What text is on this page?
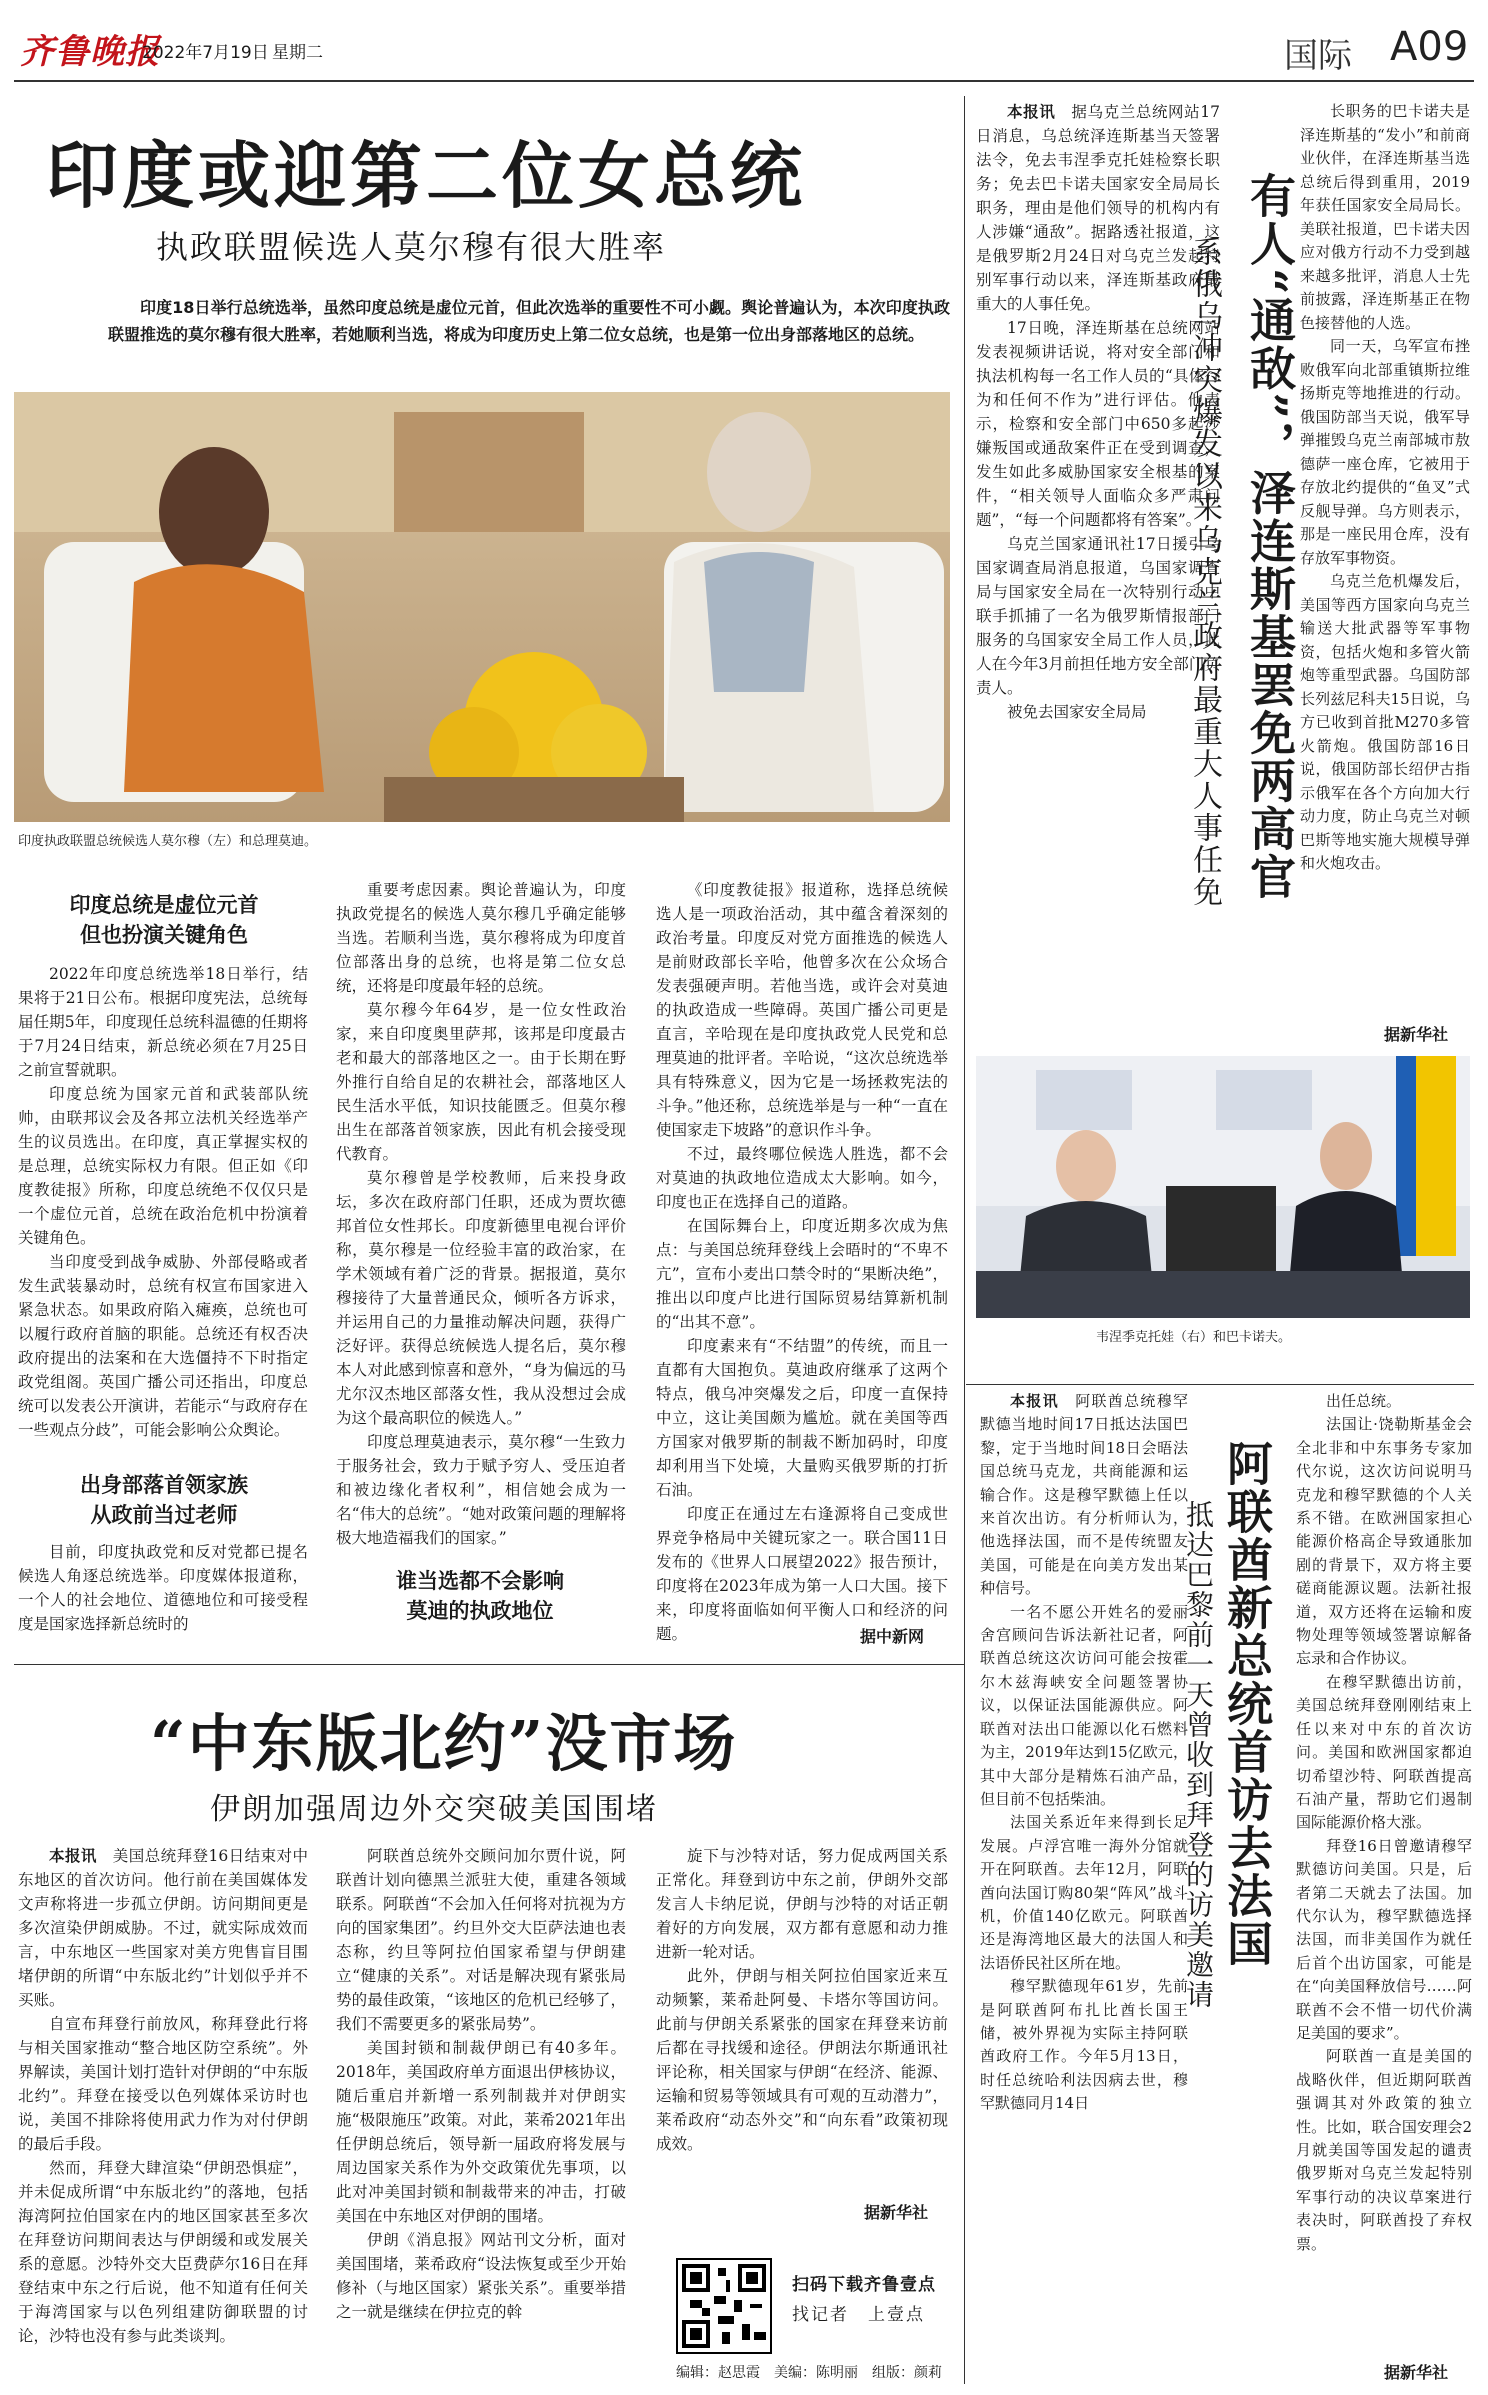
齐鲁晚报
2022年7月19日 星期二	国际 A09
印度或迎第二位女总统
执政联盟候选人莫尔穆有很大胜率
印度18日举行总统选举，虽然印度总统是虚位元首，但此次选举的重要性不可小觑。舆论普遍认为，本次印度执政联盟推选的莫尔穆有很大胜率，若她顺利当选，将成为印度历史上第二位女总统，也是第一位出身部落地区的总统。
印度执政联盟总统候选人莫尔穆（左）和总理莫迪。
印度总统是虚位元首
但也扮演关键角色

2022年印度总统选举18日举行，结果将于21日公布。根据印度宪法，总统每届任期5年，印度现任总统科温德的任期将于7月24日结束，新总统必须在7月25日之前宣誓就职。

印度总统为国家元首和武装部队统帅，由联邦议会及各邦立法机关经选举产生的议员选出。在印度，真正掌握实权的是总理，总统实际权力有限。但正如《印度教徒报》所称，印度总统绝不仅仅只是一个虚位元首，总统在政治危机中扮演着关键角色。

当印度受到战争威胁、外部侵略或者发生武装暴动时，总统有权宣布国家进入紧急状态。如果政府陷入瘫痪，总统也可以履行政府首脑的职能。总统还有权否决政府提出的法案和在大选僵持不下时指定政党组阁。英国广播公司还指出，印度总统可以发表公开演讲，若能示“与政府存在一些观点分歧”，可能会影响公众舆论。

出身部落首领家族
从政前当过老师

目前，印度执政党和反对党都已提名候选人角逐总统选举。印度媒体报道称，一个人的社会地位、道德地位和可接受程度是国家选择新总统时的

重要考虑因素。舆论普遍认为，印度执政党提名的候选人莫尔穆几乎确定能够当选。若顺利当选，莫尔穆将成为印度首位部落出身的总统，也将是第二位女总统，还将是印度最年轻的总统。

莫尔穆今年64岁，是一位女性政治家，来自印度奥里萨邦，该邦是印度最古老和最大的部落地区之一。由于长期在野外推行自给自足的农耕社会，部落地区人民生活水平低，知识技能匮乏。但莫尔穆出生在部落首领家族，因此有机会接受现代教育。

莫尔穆曾是学校教师，后来投身政坛，多次在政府部门任职，还成为贾坎德邦首位女性邦长。印度新德里电视台评价称，莫尔穆是一位经验丰富的政治家，在学术领域有着广泛的背景。据报道，莫尔穆接待了大量普通民众，倾听各方诉求，并运用自己的力量推动解决问题，获得广泛好评。获得总统候选人提名后，莫尔穆本人对此感到惊喜和意外，“身为偏远的马尤尔汉杰地区部落女性，我从没想过会成为这个最高职位的候选人。”

印度总理莫迪表示，莫尔穆“一生致力于服务社会，致力于赋予穷人、受压迫者和被边缘化者权利”，相信她会成为一名“伟大的总统”。“她对政策问题的理解将极大地造福我们的国家。”

谁当选都不会影响
莫迪的执政地位

《印度教徒报》报道称，选择总统候选人是一项政治活动，其中蕴含着深刻的政治考量。印度反对党方面推选的候选人是前财政部长辛哈，他曾多次在公众场合发表强硬声明。若他当选，或许会对莫迪的执政造成一些障碍。英国广播公司更是直言，辛哈现在是印度执政党人民党和总理莫迪的批评者。辛哈说，“这次总统选举具有特殊意义，因为它是一场拯救宪法的斗争。”他还称，总统选举是与一种“一直在使国家走下坡路”的意识作斗争。

不过，最终哪位候选人胜选，都不会对莫迪的执政地位造成太大影响。如今，印度也正在选择自己的道路。

在国际舞台上，印度近期多次成为焦点：与美国总统拜登线上会晤时的“不卑不亢”，宣布小麦出口禁令时的“果断决绝”，推出以印度卢比进行国际贸易结算新机制的“出其不意”。

印度素来有“不结盟”的传统，而且一直都有大国抱负。莫迪政府继承了这两个特点，俄乌冲突爆发之后，印度一直保持中立，这让美国颇为尴尬。就在美国等西方国家对俄罗斯的制裁不断加码时，印度却利用当下处境，大量购买俄罗斯的打折石油。

印度正在通过左右逢源将自己变成世界竞争格局中关键玩家之一。联合国11日发布的《世界人口展望2022》报告预计，印度将在2023年成为第一人口大国。接下来，印度将面临如何平衡人口和经济的问题。	据中新网

本报讯　据乌克兰总统网站17日消息，乌总统泽连斯基当天签署法令，免去韦涅季克托娃检察长职务；免去巴卡诺夫国家安全局局长职务，理由是他们领导的机构内有人涉嫌“通敌”。据路透社报道，这是俄罗斯2月24日对乌克兰发起特别军事行动以来，泽连斯基政府最重大的人事任免。

17日晚，泽连斯基在总统网站发表视频讲话说，将对安全部门和执法机构每一名工作人员的“具体行为和任何不作为”进行评估。他表示，检察和安全部门中650多起涉嫌叛国或通敌案件正在受到调查，发生如此多威胁国家安全根基的案件，“相关领导人面临众多严肃问题”，“每一个问题都将有答案”。

乌克兰国家通讯社17日援引乌国家调查局消息报道，乌国家调查局与国家安全局在一次特别行动中联手抓捕了一名为俄罗斯情报部门服务的乌国家安全局工作人员，此人在今年3月前担任地方安全部门负责人。

被免去国家安全局局	有人“通敌”，泽连斯基罢免两高官
系俄乌冲突爆发以来乌克兰政府最重大人事任免

长职务的巴卡诺夫是泽连斯基的“发小”和前商业伙伴，在泽连斯基当选总统后得到重用，2019年获任国家安全局局长。美联社报道，巴卡诺夫因应对俄方行动不力受到越来越多批评，消息人士先前披露，泽连斯基正在物色接替他的人选。

同一天，乌军宣布挫败俄军向北部重镇斯拉维扬斯克等地推进的行动。俄国防部当天说，俄军导弹摧毁乌克兰南部城市敖德萨一座仓库，它被用于存放北约提供的“鱼叉”式反舰导弹。乌方则表示，那是一座民用仓库，没有存放军事物资。

乌克兰危机爆发后，美国等西方国家向乌克兰输送大批武器等军事物资，包括火炮和多管火箭炮等重型武器。乌国防部长列兹尼科夫15日说，乌方已收到首批M270多管火箭炮。俄国防部16日说，俄国防部长绍伊古指示俄军在各个方向加大行动力度，防止乌克兰对顿巴斯等地实施大规模导弹和火炮攻击。

据新华社
韦涅季克托娃（右）和巴卡诺夫。

本报讯　阿联酋总统穆罕默德当地时间17日抵达法国巴黎，定于当地时间18日会晤法国总统马克龙，共商能源和运输合作。这是穆罕默德上任以来首次出访。有分析师认为，他选择法国，而不是传统盟友美国，可能是在向美方发出某种信号。

一名不愿公开姓名的爱丽舍宫顾问告诉法新社记者，阿联酋总统这次访问可能会按霍尔木兹海峡安全问题签署协议，以保证法国能源供应。阿联酋对法出口能源以化石燃料为主，2019年达到15亿欧元，其中大部分是精炼石油产品，但目前不包括柴油。

法国关系近年来得到长足发展。卢浮宫唯一海外分馆就开在阿联酋。去年12月，阿联酋向法国订购80架“阵风”战斗机，价值140亿欧元。阿联酋还是海湾地区最大的法国人和法语侨民社区所在地。

穆罕默德现年61岁，先前是阿联酋阿布扎比酋长国王储，被外界视为实际主持阿联酋政府工作。今年5月13日，时任总统哈利法因病去世，穆罕默德同月14日

阿联酋新总统首访去法国
抵达巴黎前一天曾收到拜登的访美邀请

出任总统。

法国让·饶勒斯基金会全北非和中东事务专家加代尔说，这次访问说明马克龙和穆罕默德的个人关系不错。在欧洲国家担心能源价格高企导致通胀加剧的背景下，双方将主要磋商能源议题。法新社报道，双方还将在运输和废物处理等领域签署谅解备忘录和合作协议。

在穆罕默德出访前，美国总统拜登刚刚结束上任以来对中东的首次访问。美国和欧洲国家都迫切希望沙特、阿联酋提高石油产量，帮助它们遏制国际能源价格大涨。

拜登16日曾邀请穆罕默德访问美国。只是，后者第二天就去了法国。加代尔认为，穆罕默德选择法国，而非美国作为就任后首个出访国家，可能是在“向美国释放信号……阿联酋不会不惜一切代价满足美国的要求”。

阿联酋一直是美国的战略伙伴，但近期阿联酋强调其对外政策的独立性。比如，联合国安理会2月就美国等国发起的谴责俄罗斯对乌克兰发起特别军事行动的决议草案进行表决时，阿联酋投了弃权票。

据新华社
“中东版北约”没市场
伊朗加强周边外交突破美国围堵

本报讯　美国总统拜登16日结束对中东地区的首次访问。他行前在美国媒体发文声称将进一步孤立伊朗。访问期间更是多次渲染伊朗威胁。不过，就实际成效而言，中东地区一些国家对美方兜售盲目围堵伊朗的所谓“中东版北约”计划似乎并不买账。

自宣布拜登行前放风，称拜登此行将与相关国家推动“整合地区防空系统”。外界解读，美国计划打造针对伊朗的“中东版北约”。拜登在接受以色列媒体采访时也说，美国不排除将使用武力作为对付伊朗的最后手段。

然而，拜登大肆渲染“伊朗恐惧症”，并未促成所谓“中东版北约”的落地，包括海湾阿拉伯国家在内的地区国家甚至多次在拜登访问期间表达与伊朗缓和或发展关系的意愿。沙特外交大臣费萨尔16日在拜登结束中东之行后说，他不知道有任何关于海湾国家与以色列组建防御联盟的讨论，沙特也没有参与此类谈判。

阿联酋总统外交顾问加尔贾什说，阿联酋计划向德黑兰派驻大使，重建各领域联系。阿联酋“不会加入任何将对抗视为方向的国家集团”。约旦外交大臣萨法迪也表态称，约旦等阿拉伯国家希望与伊朗建立“健康的关系”。对话是解决现有紧张局势的最佳政策，“该地区的危机已经够了，我们不需要更多的紧张局势”。

美国封锁和制裁伊朗已有40多年。2018年，美国政府单方面退出伊核协议，随后重启并新增一系列制裁并对伊朗实施“极限施压”政策。对此，莱希2021年出任伊朗总统后，领导新一届政府将发展与周边国家关系作为外交政策优先事项，以此对冲美国封锁和制裁带来的冲击，打破美国在中东地区对伊朗的围堵。

伊朗《消息报》网站刊文分析，面对美国围堵，莱希政府“设法恢复或至少开始修补（与地区国家）紧张关系”。重要举措之一就是继续在伊拉克的斡

旋下与沙特对话，努力促成两国关系正常化。拜登到访中东之前，伊朗外交部发言人卡纳尼说，伊朗与沙特的对话正朝着好的方向发展，双方都有意愿和动力推进新一轮对话。

此外，伊朗与相关阿拉伯国家近来互动频繁，莱希赴阿曼、卡塔尔等国访问。此前与伊朗关系紧张的国家在拜登来访前后都在寻找缓和途径。伊朗法尔斯通讯社评论称，相关国家与伊朗“在经济、能源、运输和贸易等领域具有可观的互动潜力”，莱希政府“动态外交”和“向东看”政策初现成效。

据新华社
扫码下载齐鲁壹点
找记者　上壹点
编辑：赵思霞　美编：陈明丽　组版：颜莉
